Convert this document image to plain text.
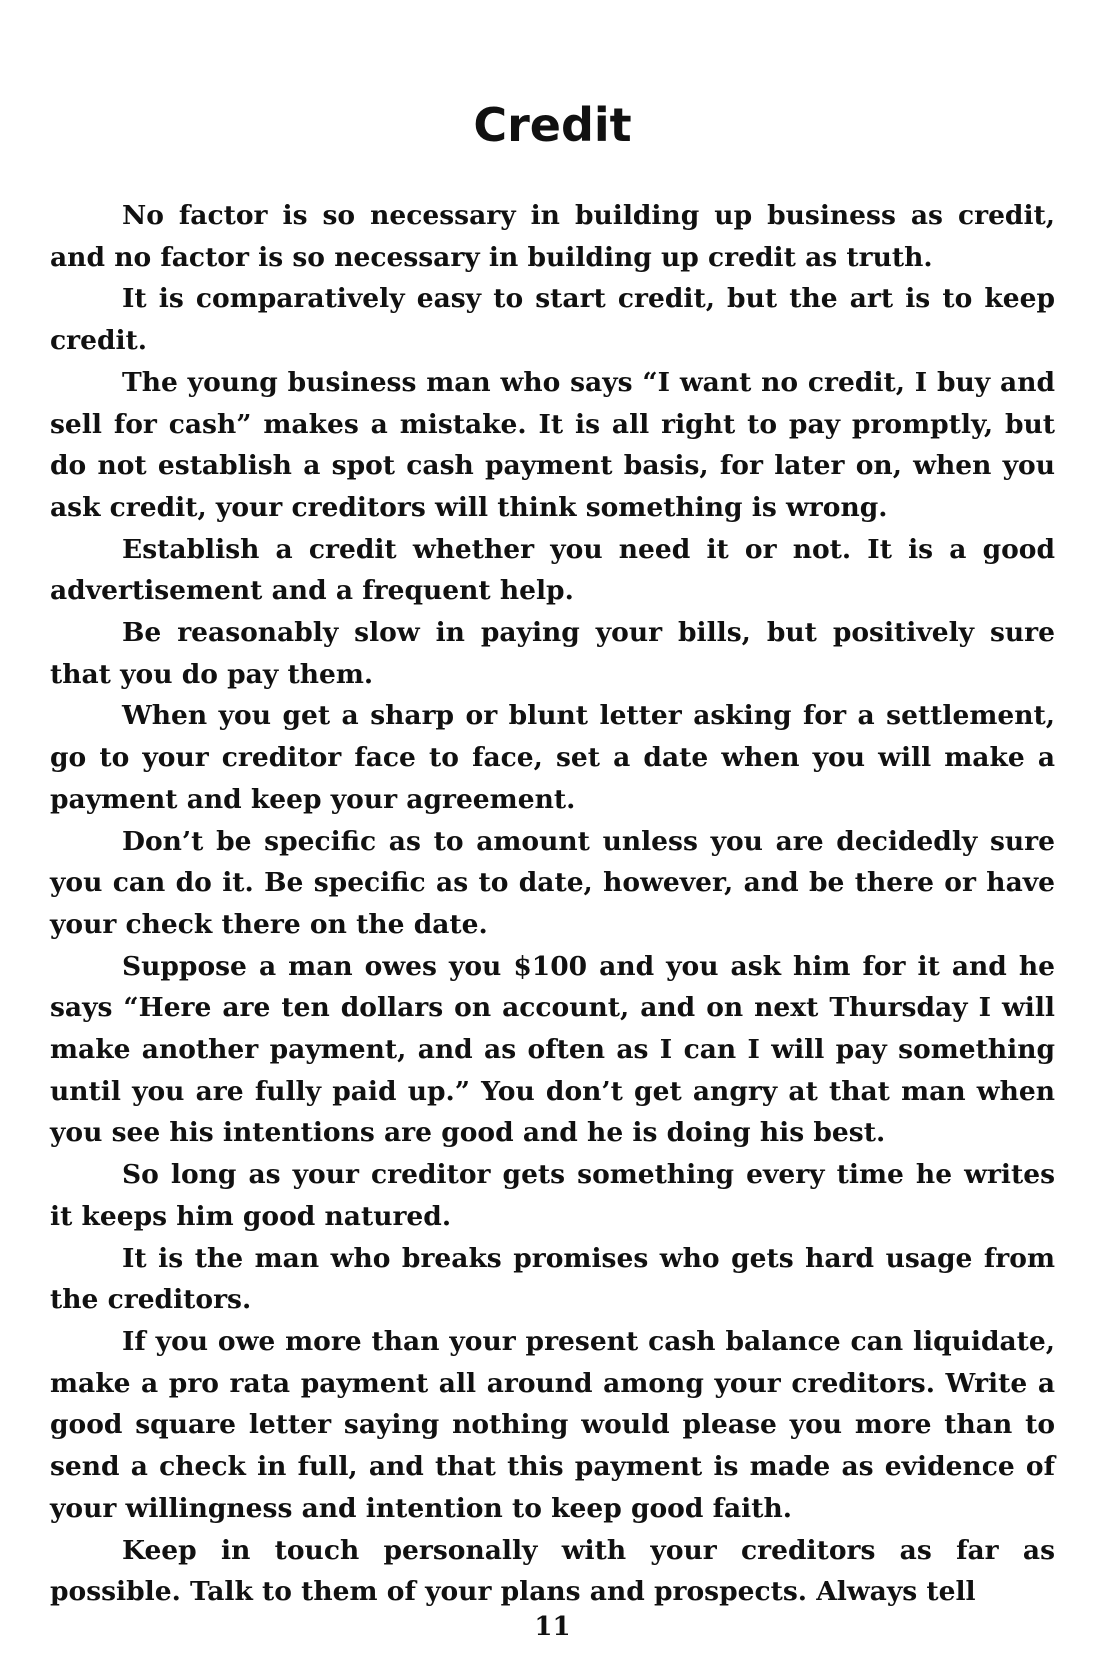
Credit

No factor is so necessary in building up business as credit, and no factor is so necessary in building up credit as truth.

It is comparatively easy to start credit, but the art is to keep credit.

The young business man who says “I want no credit, I buy and sell for cash” makes a mistake. It is all right to pay promptly, but do not establish a spot cash payment basis, for later on, when you ask credit, your creditors will think something is wrong.

Establish a credit whether you need it or not. It is a good advertisement and a frequent help.

Be reasonably slow in paying your bills, but positively sure that you do pay them.

When you get a sharp or blunt letter asking for a settlement, go to your creditor face to face, set a date when you will make a payment and keep your agreement.

Don’t be specific as to amount unless you are decidedly sure you can do it. Be specific as to date, however, and be there or have your check there on the date.

Suppose a man owes you $100 and you ask him for it and he says “Here are ten dollars on account, and on next Thursday I will make another payment, and as often as I can I will pay something until you are fully paid up.” You don’t get angry at that man when you see his intentions are good and he is doing his best.

So long as your creditor gets something every time he writes it keeps him good natured.

It is the man who breaks promises who gets hard usage from the creditors.

If you owe more than your present cash balance can liquidate, make a pro rata payment all around among your creditors. Write a good square letter saying nothing would please you more than to send a check in full, and that this payment is made as evidence of your willingness and intention to keep good faith.

Keep in touch personally with your creditors as far as possible. Talk to them of your plans and prospects. Always tell

11
